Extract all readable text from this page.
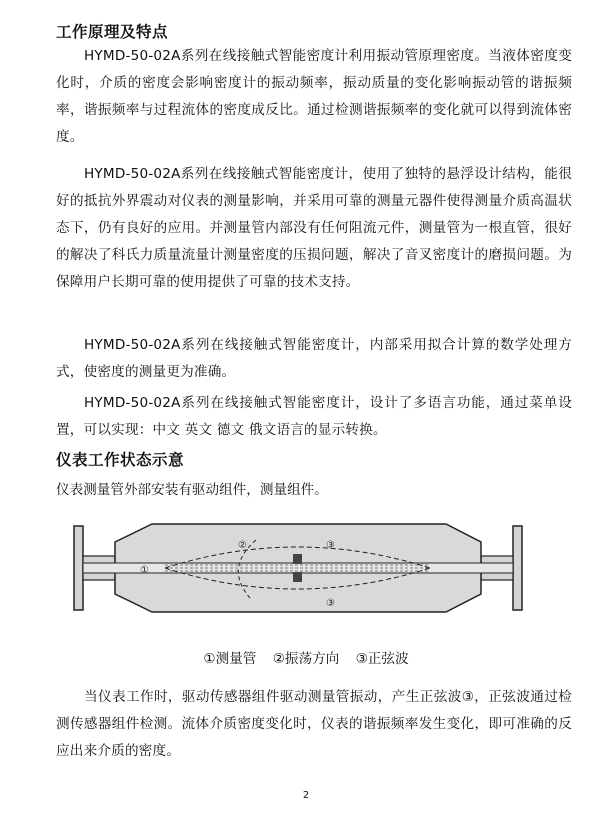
工作原理及特点

HYMD-50-02A系列在线接触式智能密度计利用振动管原理密度。当液体密度变化时，介质的密度会影响密度计的振动频率，振动质量的变化影响振动管的谐振频率，谐振频率与过程流体的密度成反比。通过检测谐振频率的变化就可以得到流体密度。

HYMD-50-02A系列在线接触式智能密度计，使用了独特的悬浮设计结构，能很好的抵抗外界震动对仪表的测量影响，并采用可靠的测量元器件使得测量介质高温状态下，仍有良好的应用。并测量管内部没有任何阻流元件，测量管为一根直管，很好的解决了科氏力质量流量计测量密度的压损问题，解决了音叉密度计的磨损问题。为保障用户长期可靠的使用提供了可靠的技术支持。

HYMD-50-02A系列在线接触式智能密度计，内部采用拟合计算的数学处理方式，使密度的测量更为准确。

HYMD-50-02A系列在线接触式智能密度计，设计了多语言功能，通过菜单设置，可以实现：中文 英文 德文 俄文语言的显示转换。

仪表工作状态示意
仪表测量管外部安装有驱动组件，测量组件。
①
②	③
③
①测量管 ②振荡方向 ③正弦波

当仪表工作时，驱动传感器组件驱动测量管振动，产生正弦波③，正弦波通过检测传感器组件检测。流体介质密度变化时，仪表的谐振频率发生变化，即可准确的反应出来介质的密度。

2
